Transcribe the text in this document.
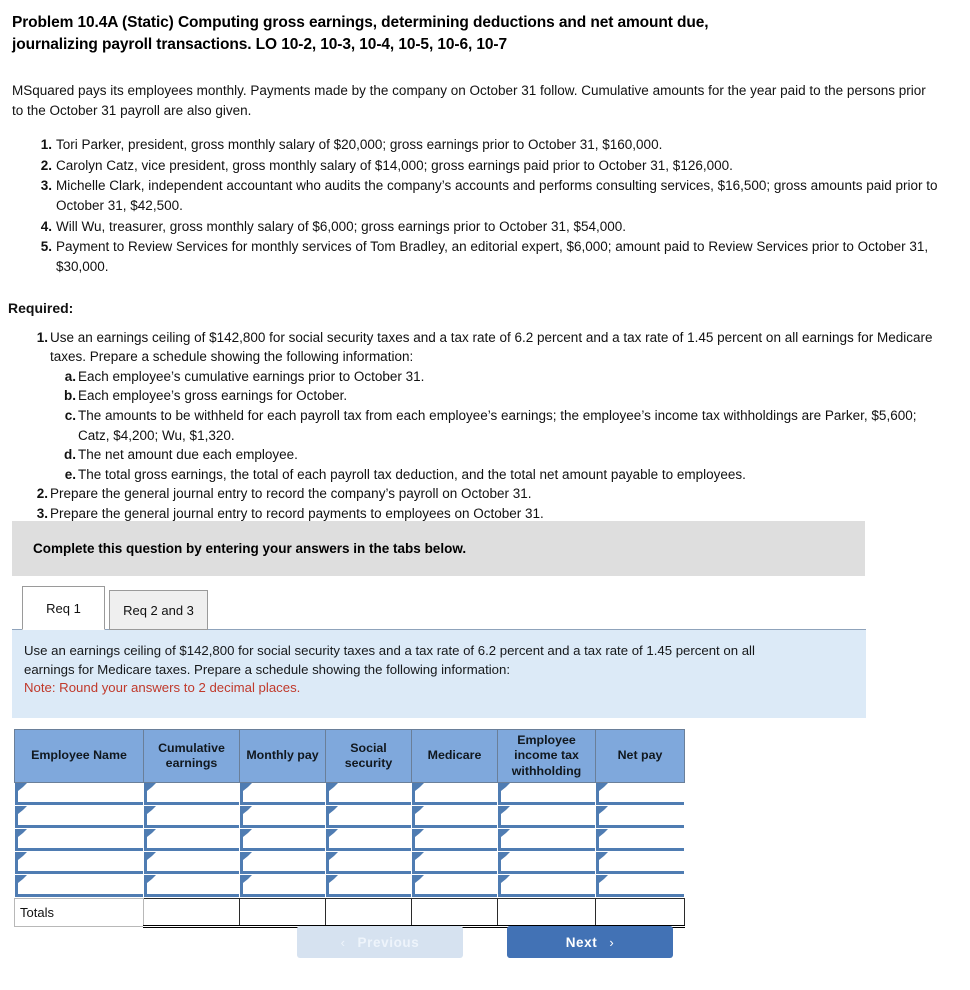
Problem 10.4A (Static) Computing gross earnings, determining deductions and net amount due,
journalizing payroll transactions. LO 10-2, 10-3, 10-4, 10-5, 10-6, 10-7
MSquared pays its employees monthly. Payments made by the company on October 31 follow. Cumulative amounts for the year paid to the persons prior to the October 31 payroll are also given.
Tori Parker, president, gross monthly salary of $20,000; gross earnings prior to October 31, $160,000.
Carolyn Catz, vice president, gross monthly salary of $14,000; gross earnings paid prior to October 31, $126,000.
Michelle Clark, independent accountant who audits the company’s accounts and performs consulting services, $16,500; gross amounts paid prior to October 31, $42,500.
Will Wu, treasurer, gross monthly salary of $6,000; gross earnings prior to October 31, $54,000.
Payment to Review Services for monthly services of Tom Bradley, an editorial expert, $6,000; amount paid to Review Services prior to October 31, $30,000.
Required:
1. Use an earnings ceiling of $142,800 for social security taxes and a tax rate of 6.2 percent and a tax rate of 1.45 percent on all earnings for Medicare taxes. Prepare a schedule showing the following information:
Each employee’s cumulative earnings prior to October 31.
Each employee’s gross earnings for October.
The amounts to be withheld for each payroll tax from each employee’s earnings; the employee’s income tax withholdings are Parker, $5,600; Catz, $4,200; Wu, $1,320.
The net amount due each employee.
The total gross earnings, the total of each payroll tax deduction, and the total net amount payable to employees.
2. Prepare the general journal entry to record the company’s payroll on October 31.
3. Prepare the general journal entry to record payments to employees on October 31.
Complete this question by entering your answers in the tabs below.
Req 1	Req 2 and 3
Use an earnings ceiling of $142,800 for social security taxes and a tax rate of 6.2 percent and a tax rate of 1.45 percent on all
earnings for Medicare taxes. Prepare a schedule showing the following information:
Note: Round your answers to 2 decimal places.
Employee Name	Cumulative earnings	Monthly pay	Social security	Medicare	Employee income tax withholding	Net pay

Totals						
‹ Previous	Next ›
